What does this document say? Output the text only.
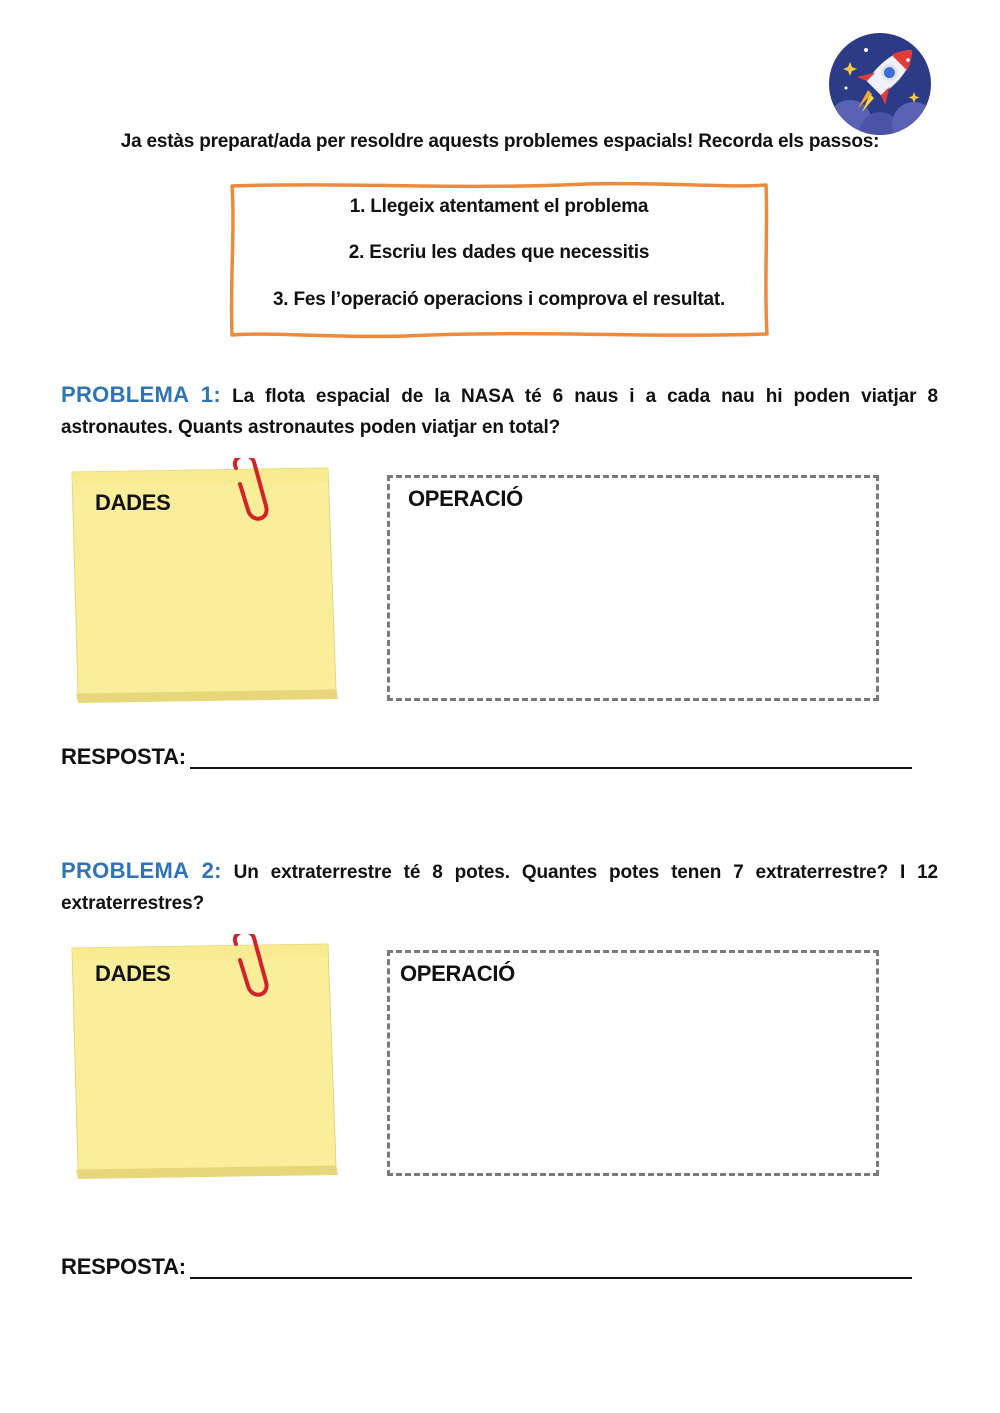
Ja estàs preparat/ada per resoldre aquests problemes espacials! Recorda els passos:
1. Llegeix atentament el problema
2. Escriu les dades que necessitis
3. Fes l’operació operacions i comprova el resultat.
PROBLEMA 1: La flota espacial de la NASA té 6 naus i a cada nau hi poden viatjar 8 astronautes. Quants astronautes poden viatjar en total?
DADES	OPERACIÓ
RESPOSTA:
PROBLEMA 2: Un extraterrestre té 8 potes. Quantes potes tenen 7 extraterrestre? I 12 extraterrestres?
DADES	OPERACIÓ
RESPOSTA:
